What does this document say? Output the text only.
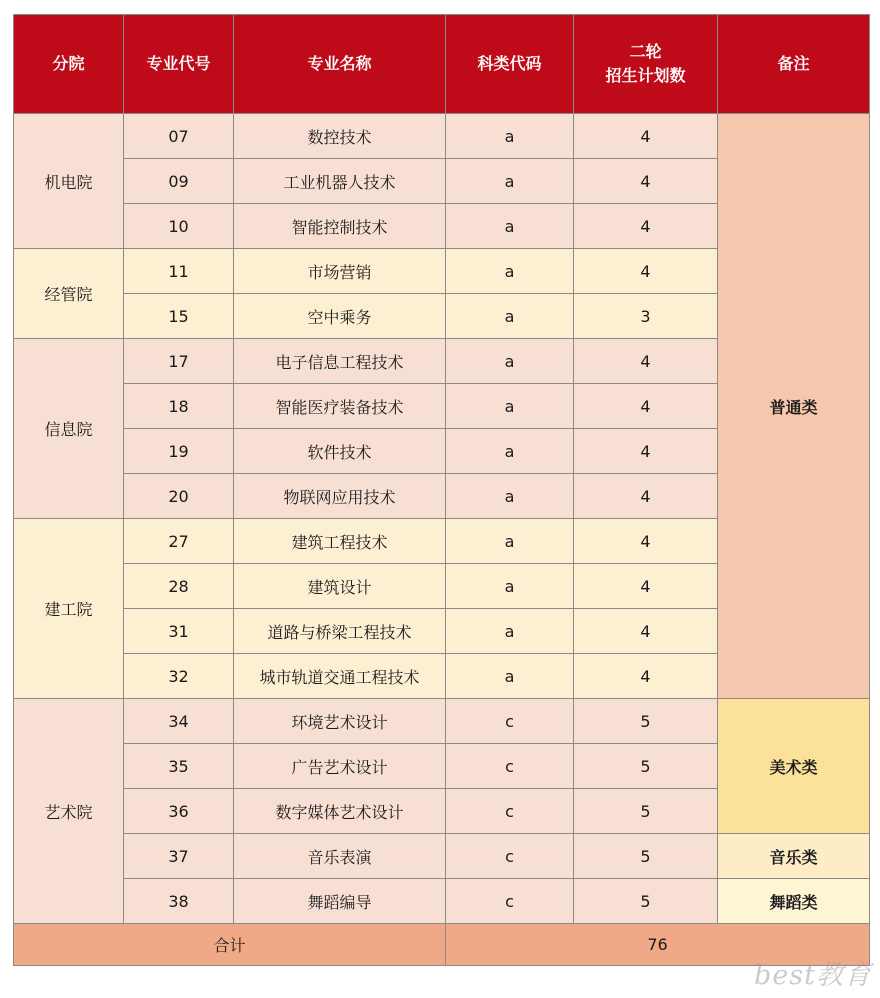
分院	专业代号	专业名称	科类代码	二轮
招生计划数	备注
机电院	07	数控技术	a	4	普通类
	09	工业机器人技术	a	4	
	10	智能控制技术	a	4	
经管院	11	市场营销	a	4	
	15	空中乘务	a	3	
信息院	17	电子信息工程技术	a	4	
	18	智能医疗装备技术	a	4	
	19	软件技术	a	4	
	20	物联网应用技术	a	4	
建工院	27	建筑工程技术	a	4	
	28	建筑设计	a	4	
	31	道路与桥梁工程技术	a	4	
	32	城市轨道交通工程技术	a	4	
艺术院	34	环境艺术设计	c	5	美术类
	35	广告艺术设计	c	5	
	36	数字媒体艺术设计	c	5	
	37	音乐表演	c	5	音乐类
	38	舞蹈编导	c	5	舞蹈类
合计			76		
best教育
